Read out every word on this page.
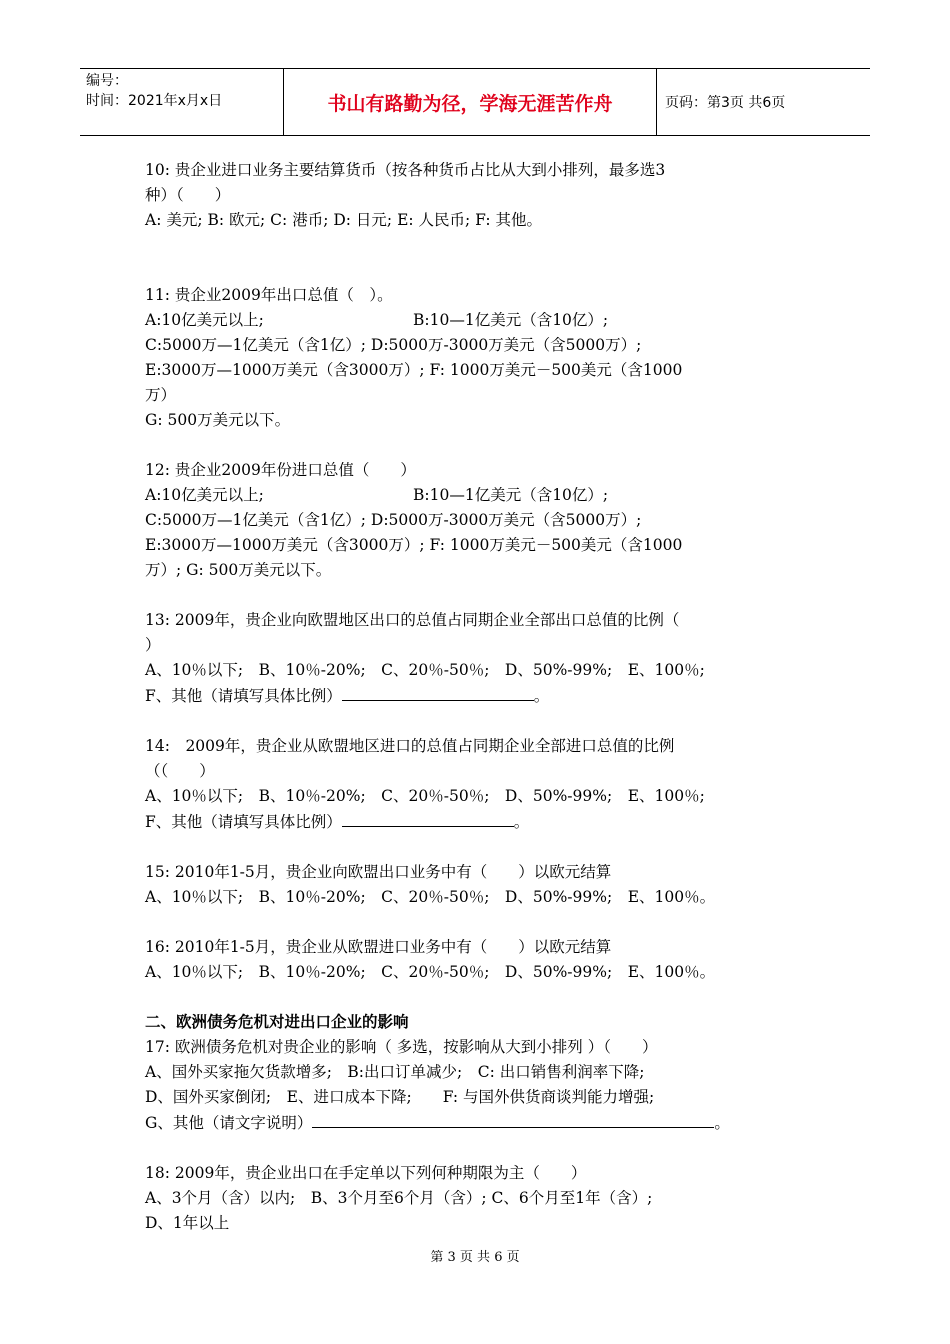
编号：
时间：2021年x月x日	书山有路勤为径，学海无涯苦作舟	页码：第3页 共6页

10: 贵企业进口业务主要结算货币（按各种货币占比从大到小排列，最多选3

种）（　　）

A: 美元; B: 欧元; C: 港币; D: 日元; E: 人民币; F: 其他。

11: 贵企业2009年出口总值（　）。

A:10亿美元以上;	B:10—1亿美元（含10亿）;

C:5000万—1亿美元（含1亿）; D:5000万-3000万美元（含5000万）;

E:3000万—1000万美元（含3000万）; F: 1000万美元－500美元（含1000

万）

G: 500万美元以下。

12: 贵企业2009年份进口总值（　　）

A:10亿美元以上;	B:10—1亿美元（含10亿）;

C:5000万—1亿美元（含1亿）; D:5000万-3000万美元（含5000万）;

E:3000万—1000万美元（含3000万）; F: 1000万美元－500美元（含1000

万）; G: 500万美元以下。

13: 2009年，贵企业向欧盟地区出口的总值占同期企业全部出口总值的比例（

）

A、10％以下;　B、10％-20%;　C、20％-50％;　D、50%-99%;　E、100％;

F、其他（请填写具体比例）	。

14:　2009年，贵企业从欧盟地区进口的总值占同期企业全部进口总值的比例

（（　　）

A、10％以下;　B、10％-20%;　C、20％-50％;　D、50%-99%;　E、100％;

F、其他（请填写具体比例）	。

15: 2010年1-5月，贵企业向欧盟出口业务中有（　　）以欧元结算

A、10％以下;　B、10％-20%;　C、20％-50％;　D、50%-99%;　E、100％。

16: 2010年1-5月，贵企业从欧盟进口业务中有（　　）以欧元结算

A、10％以下;　B、10％-20%;　C、20％-50％;　D、50%-99%;　E、100％。

二、欧洲债务危机对进出口企业的影响

17: 欧洲债务危机对贵企业的影响（ 多选，按影响从大到小排列 ）（　　）

A、国外买家拖欠货款增多;　B:出口订单减少;　C: 出口销售利润率下降;

D、国外买家倒闭;　E、进口成本下降;　　F: 与国外供货商谈判能力增强;

G、其他（请文字说明）	。

18: 2009年，贵企业出口在手定单以下列何种期限为主（　　）

A、3个月（含）以内;　B、3个月至6个月（含）; C、6个月至1年（含）;

D、1年以上

第 3 页 共 6 页
